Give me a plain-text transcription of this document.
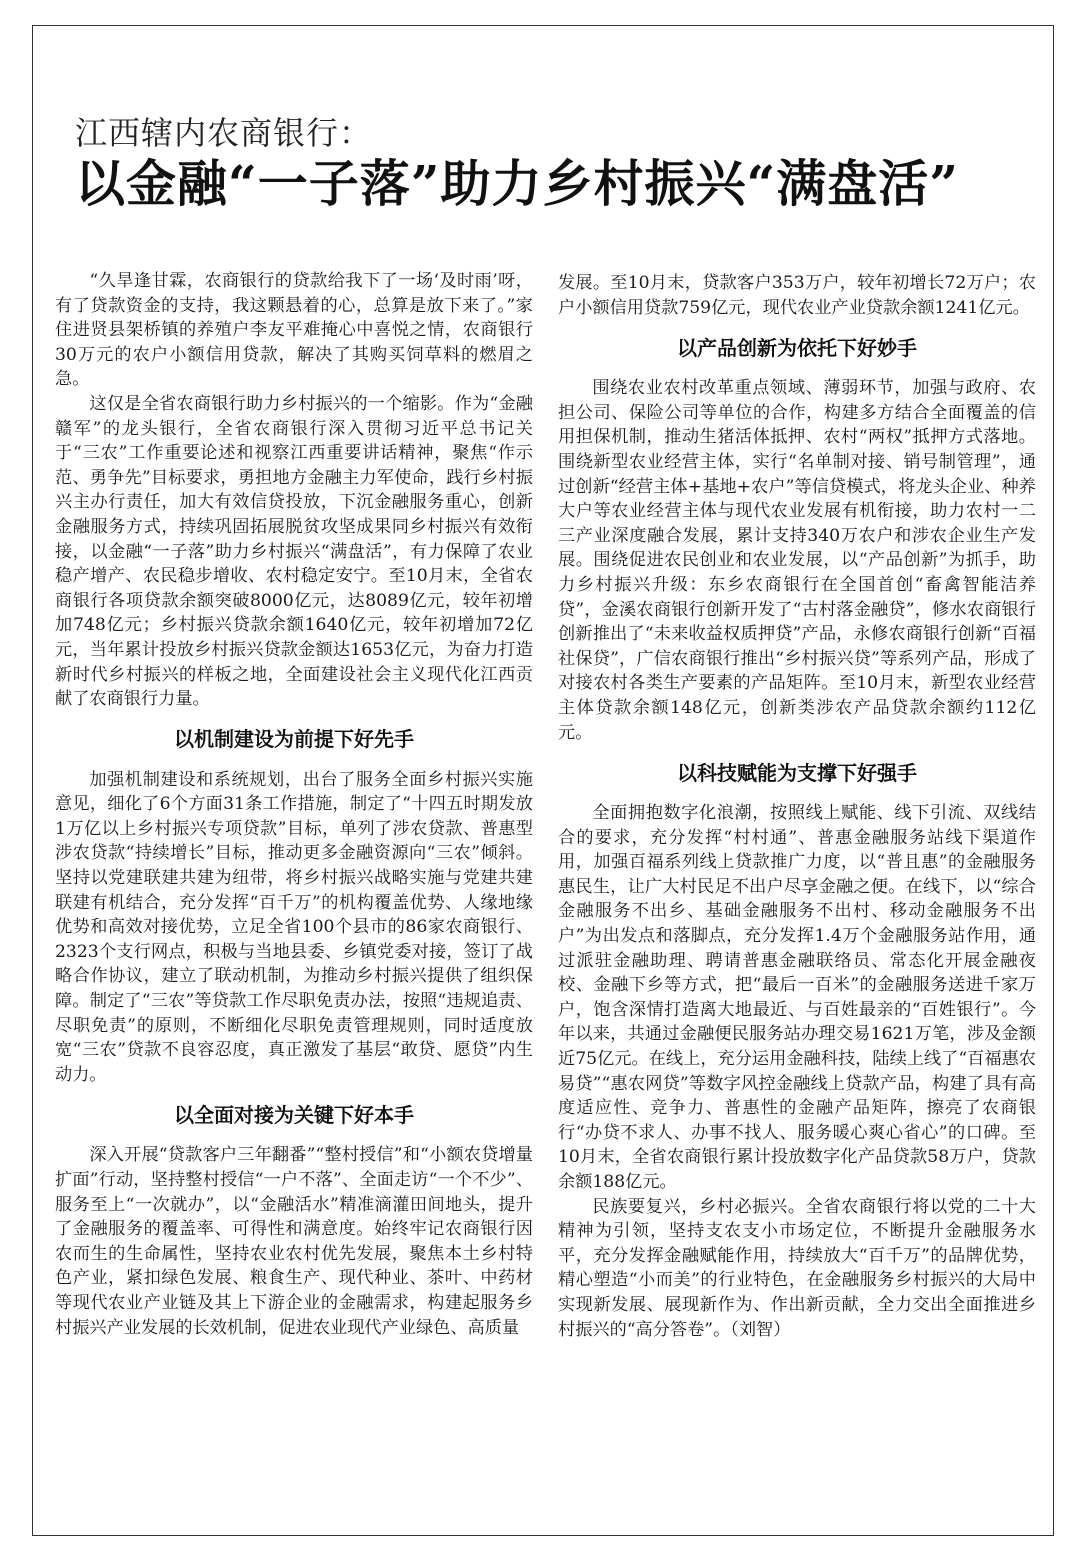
江西辖内农商银行：
以金融“一子落”助力乡村振兴“满盘活”

“久旱逢甘霖，农商银行的贷款给我下了一场‘及时雨’呀，有了贷款资金的支持，我这颗悬着的心，总算是放下来了。”家住进贤县架桥镇的养殖户李友平难掩心中喜悦之情，农商银行30万元的农户小额信用贷款，解决了其购买饲草料的燃眉之急。

这仅是全省农商银行助力乡村振兴的一个缩影。作为“金融赣军”的龙头银行，全省农商银行深入贯彻习近平总书记关于“三农”工作重要论述和视察江西重要讲话精神，聚焦“作示范、勇争先”目标要求，勇担地方金融主力军使命，践行乡村振兴主办行责任，加大有效信贷投放，下沉金融服务重心，创新金融服务方式，持续巩固拓展脱贫攻坚成果同乡村振兴有效衔接，以金融“一子落”助力乡村振兴“满盘活”，有力保障了农业稳产增产、农民稳步增收、农村稳定安宁。至10月末，全省农商银行各项贷款余额突破8000亿元，达8089亿元，较年初增加748亿元；乡村振兴贷款余额1640亿元，较年初增加72亿元，当年累计投放乡村振兴贷款金额达1653亿元，为奋力打造新时代乡村振兴的样板之地，全面建设社会主义现代化江西贡献了农商银行力量。

以机制建设为前提下好先手

加强机制建设和系统规划，出台了服务全面乡村振兴实施意见，细化了6个方面31条工作措施，制定了“十四五时期发放1万亿以上乡村振兴专项贷款”目标，单列了涉农贷款、普惠型涉农贷款“持续增长”目标，推动更多金融资源向“三农”倾斜。坚持以党建联建共建为纽带，将乡村振兴战略实施与党建共建联建有机结合，充分发挥“百千万”的机构覆盖优势、人缘地缘优势和高效对接优势，立足全省100个县市的86家农商银行、2323个支行网点，积极与当地县委、乡镇党委对接，签订了战略合作协议，建立了联动机制，为推动乡村振兴提供了组织保障。制定了“三农”等贷款工作尽职免责办法，按照“违规追责、尽职免责”的原则，不断细化尽职免责管理规则，同时适度放宽“三农”贷款不良容忍度，真正激发了基层“敢贷、愿贷”内生动力。

以全面对接为关键下好本手

深入开展“贷款客户三年翻番”“整村授信”和“小额农贷增量扩面”行动，坚持整村授信“一户不落”、全面走访“一个不少”、服务至上“一次就办”，以“金融活水”精准滴灌田间地头，提升了金融服务的覆盖率、可得性和满意度。始终牢记农商银行因农而生的生命属性，坚持农业农村优先发展，聚焦本土乡村特色产业，紧扣绿色发展、粮食生产、现代种业、茶叶、中药材等现代农业产业链及其上下游企业的金融需求，构建起服务乡村振兴产业发展的长效机制，促进农业现代产业绿色、高质量

发展。至10月末，贷款客户353万户，较年初增长72万户；农户小额信用贷款759亿元，现代农业产业贷款余额1241亿元。

以产品创新为依托下好妙手

围绕农业农村改革重点领域、薄弱环节，加强与政府、农担公司、保险公司等单位的合作，构建多方结合全面覆盖的信用担保机制，推动生猪活体抵押、农村“两权”抵押方式落地。围绕新型农业经营主体，实行“名单制对接、销号制管理”，通过创新“经营主体+基地+农户”等信贷模式，将龙头企业、种养大户等农业经营主体与现代农业发展有机衔接，助力农村一二三产业深度融合发展，累计支持340万农户和涉农企业生产发展。围绕促进农民创业和农业发展，以“产品创新”为抓手，助力乡村振兴升级：东乡农商银行在全国首创“畜禽智能洁养贷”，金溪农商银行创新开发了“古村落金融贷”，修水农商银行创新推出了“未来收益权质押贷”产品，永修农商银行创新“百福社保贷”，广信农商银行推出“乡村振兴贷”等系列产品，形成了对接农村各类生产要素的产品矩阵。至10月末，新型农业经营主体贷款余额148亿元，创新类涉农产品贷款余额约112亿元。

以科技赋能为支撑下好强手

全面拥抱数字化浪潮，按照线上赋能、线下引流、双线结合的要求，充分发挥“村村通”、普惠金融服务站线下渠道作用，加强百福系列线上贷款推广力度，以“普且惠”的金融服务惠民生，让广大村民足不出户尽享金融之便。在线下，以“综合金融服务不出乡、基础金融服务不出村、移动金融服务不出户”为出发点和落脚点，充分发挥1.4万个金融服务站作用，通过派驻金融助理、聘请普惠金融联络员、常态化开展金融夜校、金融下乡等方式，把“最后一百米”的金融服务送进千家万户，饱含深情打造离大地最近、与百姓最亲的“百姓银行”。今年以来，共通过金融便民服务站办理交易1621万笔，涉及金额近75亿元。在线上，充分运用金融科技，陆续上线了“百福惠农易贷”“惠农网贷”等数字风控金融线上贷款产品，构建了具有高度适应性、竞争力、普惠性的金融产品矩阵，擦亮了农商银行“办贷不求人、办事不找人、服务暖心爽心省心”的口碑。至10月末，全省农商银行累计投放数字化产品贷款58万户，贷款余额188亿元。

民族要复兴，乡村必振兴。全省农商银行将以党的二十大精神为引领，坚持支农支小市场定位，不断提升金融服务水平，充分发挥金融赋能作用，持续放大“百千万”的品牌优势，精心塑造“小而美”的行业特色，在金融服务乡村振兴的大局中实现新发展、展现新作为、作出新贡献，全力交出全面推进乡村振兴的“高分答卷”。（刘智）
